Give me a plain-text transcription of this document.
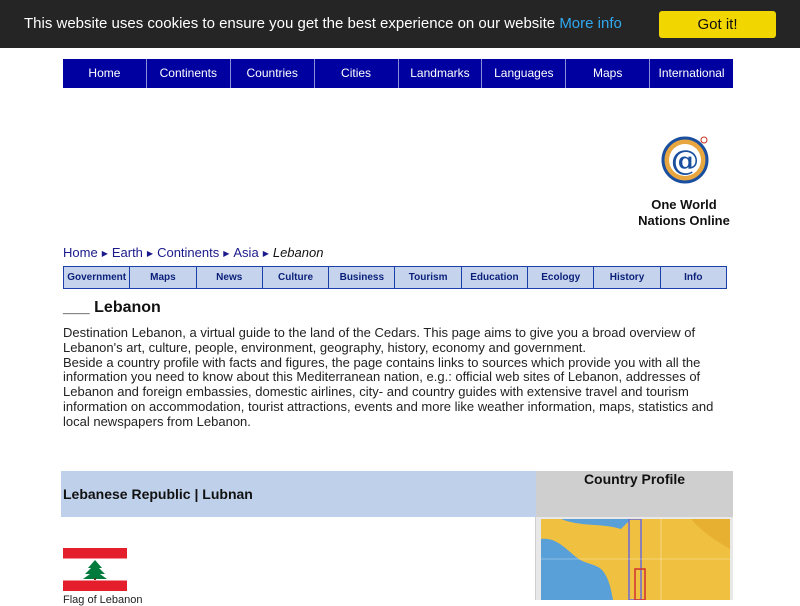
This website uses cookies to ensure you get the best experience on our website More info	Got it!
Home	Continents	Countries	Cities	Landmarks	Languages	Maps	International
@
One World
Nations Online
Home ▶ Earth ▶ Continents ▶ Asia ▶ Lebanon
Government	Maps	News	Culture	Business	Tourism	Education	Ecology	History	Info
___ Lebanon

Destination Lebanon, a virtual guide to the land of the Cedars. This page aims to give you a broad overview of Lebanon's art, culture, people, environment, geography, history, economy and government.

Beside a country profile with facts and figures, the page contains links to sources which provide you with all the information you need to know about this Mediterranean nation, e.g.: official web sites of Lebanon, addresses of Lebanon and foreign embassies, domestic airlines, city- and country guides with extensive travel and tourism information on accommodation, tourist attractions, events and more like weather information, maps, statistics and local newspapers from Lebanon.

Lebanese Republic | Lubnan
Country Profile
Flag of Lebanon
